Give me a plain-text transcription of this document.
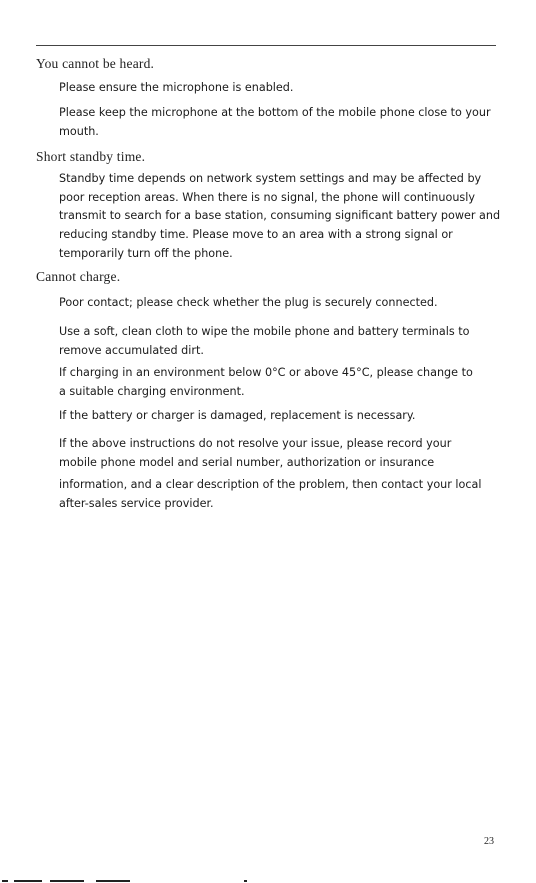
You cannot be heard.

Please ensure the microphone is enabled.

Please keep the microphone at the bottom of the mobile phone close to your mouth.

Short standby time.

Standby time depends on network system settings and may be affected by poor reception areas. When there is no signal, the phone will continuously transmit to search for a base station, consuming significant battery power and reducing standby time. Please move to an area with a strong signal or temporarily turn off the phone.

Cannot charge.

Poor contact; please check whether the plug is securely connected.

Use a soft, clean cloth to wipe the mobile phone and battery terminals to remove accumulated dirt.

If charging in an environment below 0°C or above 45°C, please change to a suitable charging environment.

If the battery or charger is damaged, replacement is necessary.

If the above instructions do not resolve your issue, please record your mobile phone model and serial number, authorization or insurance

information, and a clear description of the problem, then contact your local after-sales service provider.

23
